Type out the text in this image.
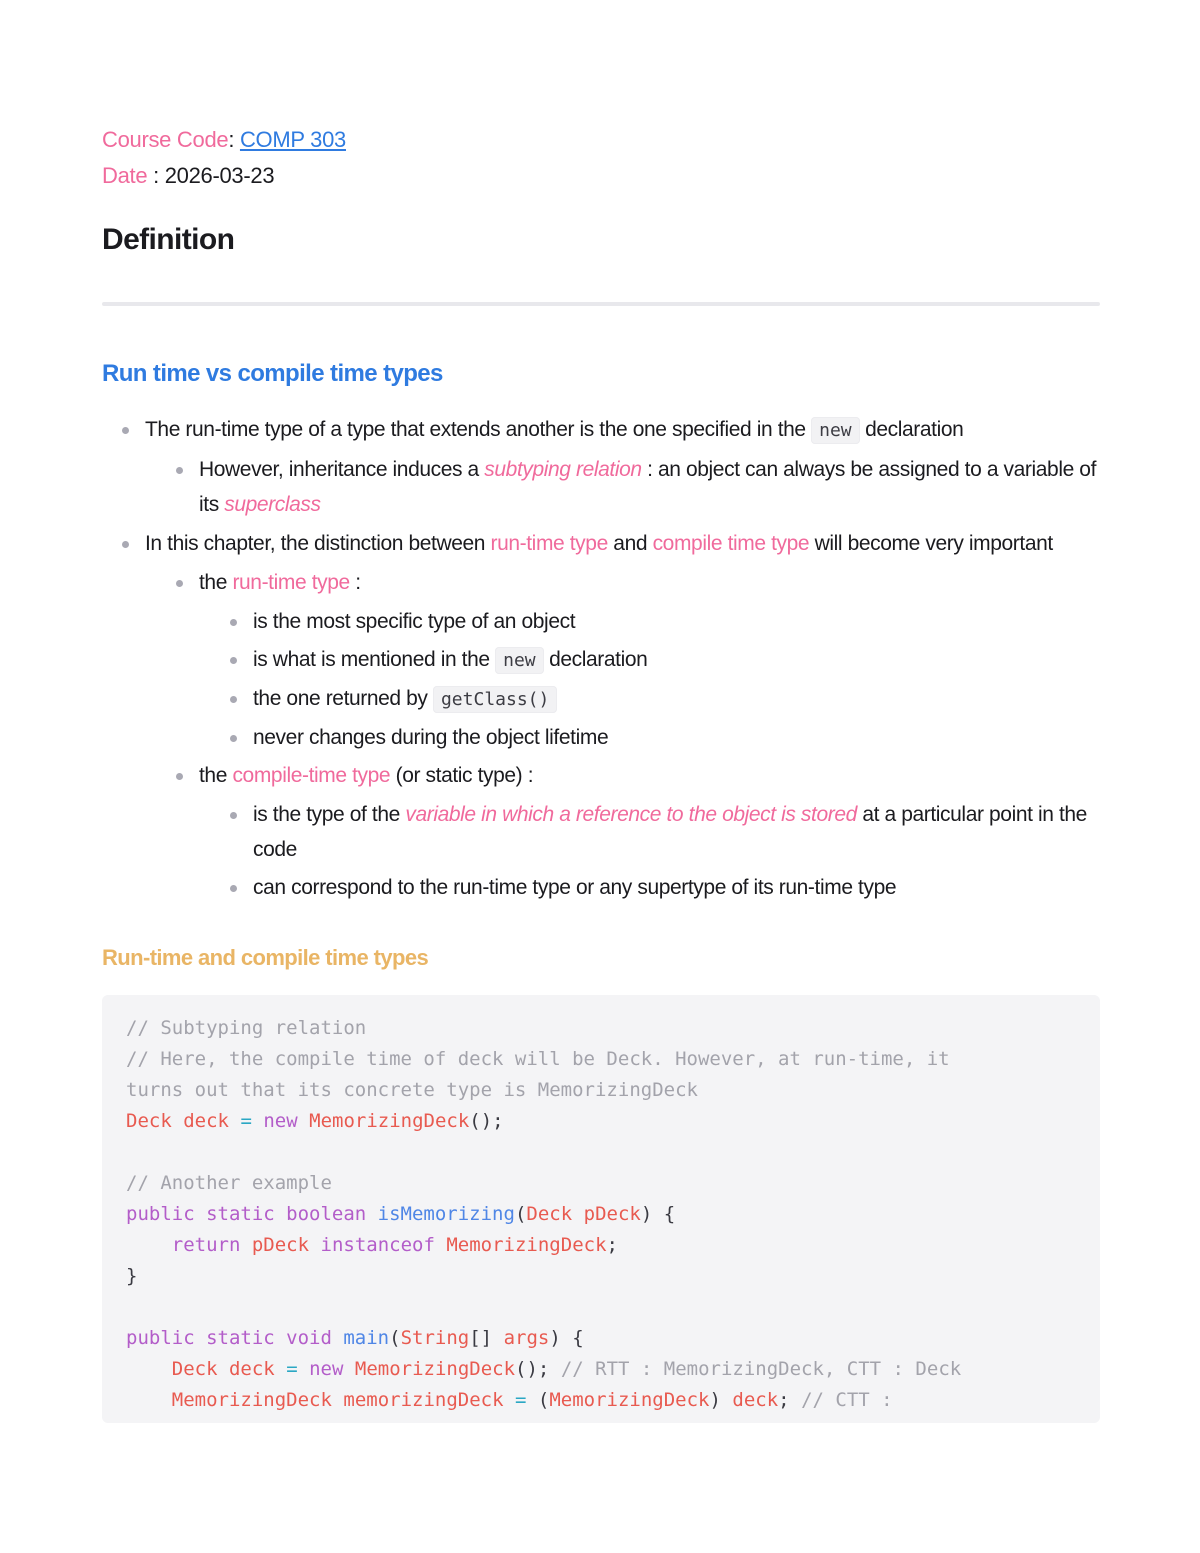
Course Code: COMP 303

Date : 2026-03-23

Definition
Run time vs compile time types
The run-time type of a type that extends another is the one specified in the new declaration
However, inheritance induces a subtyping relation : an object can always be assigned to a variable of its superclass
In this chapter, the distinction between run-time type and compile time type will become very important
the run-time type :
is the most specific type of an object
is what is mentioned in the new declaration
the one returned by getClass()
never changes during the object lifetime
the compile-time type (or static type) :
is the type of the variable in which a reference to the object is stored at a particular point in the code
can correspond to the run-time type or any supertype of its run-time type
Run-time and compile time types
// Subtyping relation
// Here, the compile time of deck will be Deck. However, at run-time, it
turns out that its concrete type is MemorizingDeck
Deck deck = new MemorizingDeck();

// Another example
public static boolean isMemorizing(Deck pDeck) {
return pDeck instanceof MemorizingDeck;
}

public static void main(String[] args) {
Deck deck = new MemorizingDeck(); // RTT : MemorizingDeck, CTT : Deck
MemorizingDeck memorizingDeck = (MemorizingDeck) deck; // CTT :
